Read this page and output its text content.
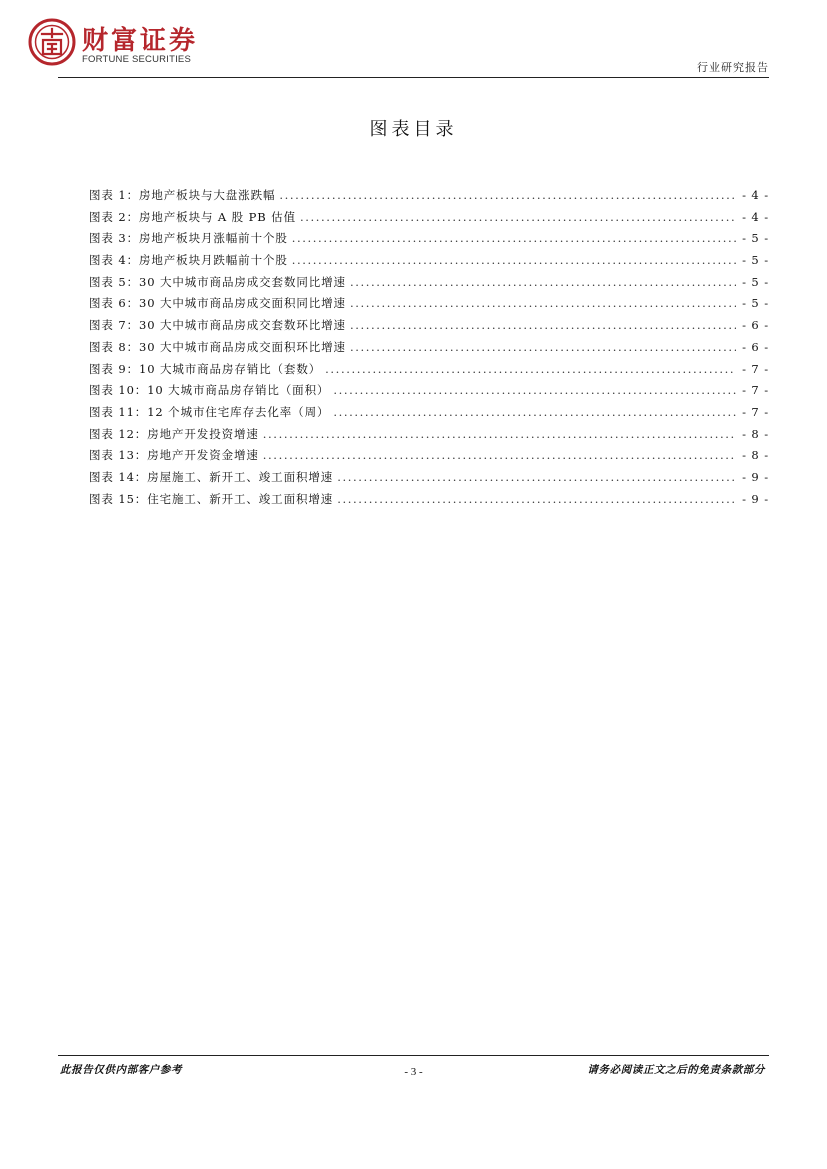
财富证券
FORTUNE SECURITIES
行业研究报告
图表目录
图表 1：房地产板块与大盘涨跌幅 .....	- 4 -
图表 2：房地产板块与 A 股 PB 估值 .....	- 4 -
图表 3：房地产板块月涨幅前十个股 .....	- 5 -
图表 4：房地产板块月跌幅前十个股 .....	- 5 -
图表 5：30 大中城市商品房成交套数同比增速 .....	- 5 -
图表 6：30 大中城市商品房成交面积同比增速 .....	- 5 -
图表 7：30 大中城市商品房成交套数环比增速 .....	- 6 -
图表 8：30 大中城市商品房成交面积环比增速 .....	- 6 -
图表 9：10 大城市商品房存销比（套数） .....	- 7 -
图表 10：10 大城市商品房存销比（面积） .....	- 7 -
图表 11：12 个城市住宅库存去化率（周） .....	- 7 -
图表 12：房地产开发投资增速 .....	- 8 -
图表 13：房地产开发资金增速 .....	- 8 -
图表 14：房屋施工、新开工、竣工面积增速 .....	- 9 -
图表 15：住宅施工、新开工、竣工面积增速 .....	- 9 -
此报告仅供内部客户参考	- 3 -	请务必阅读正文之后的免责条款部分
